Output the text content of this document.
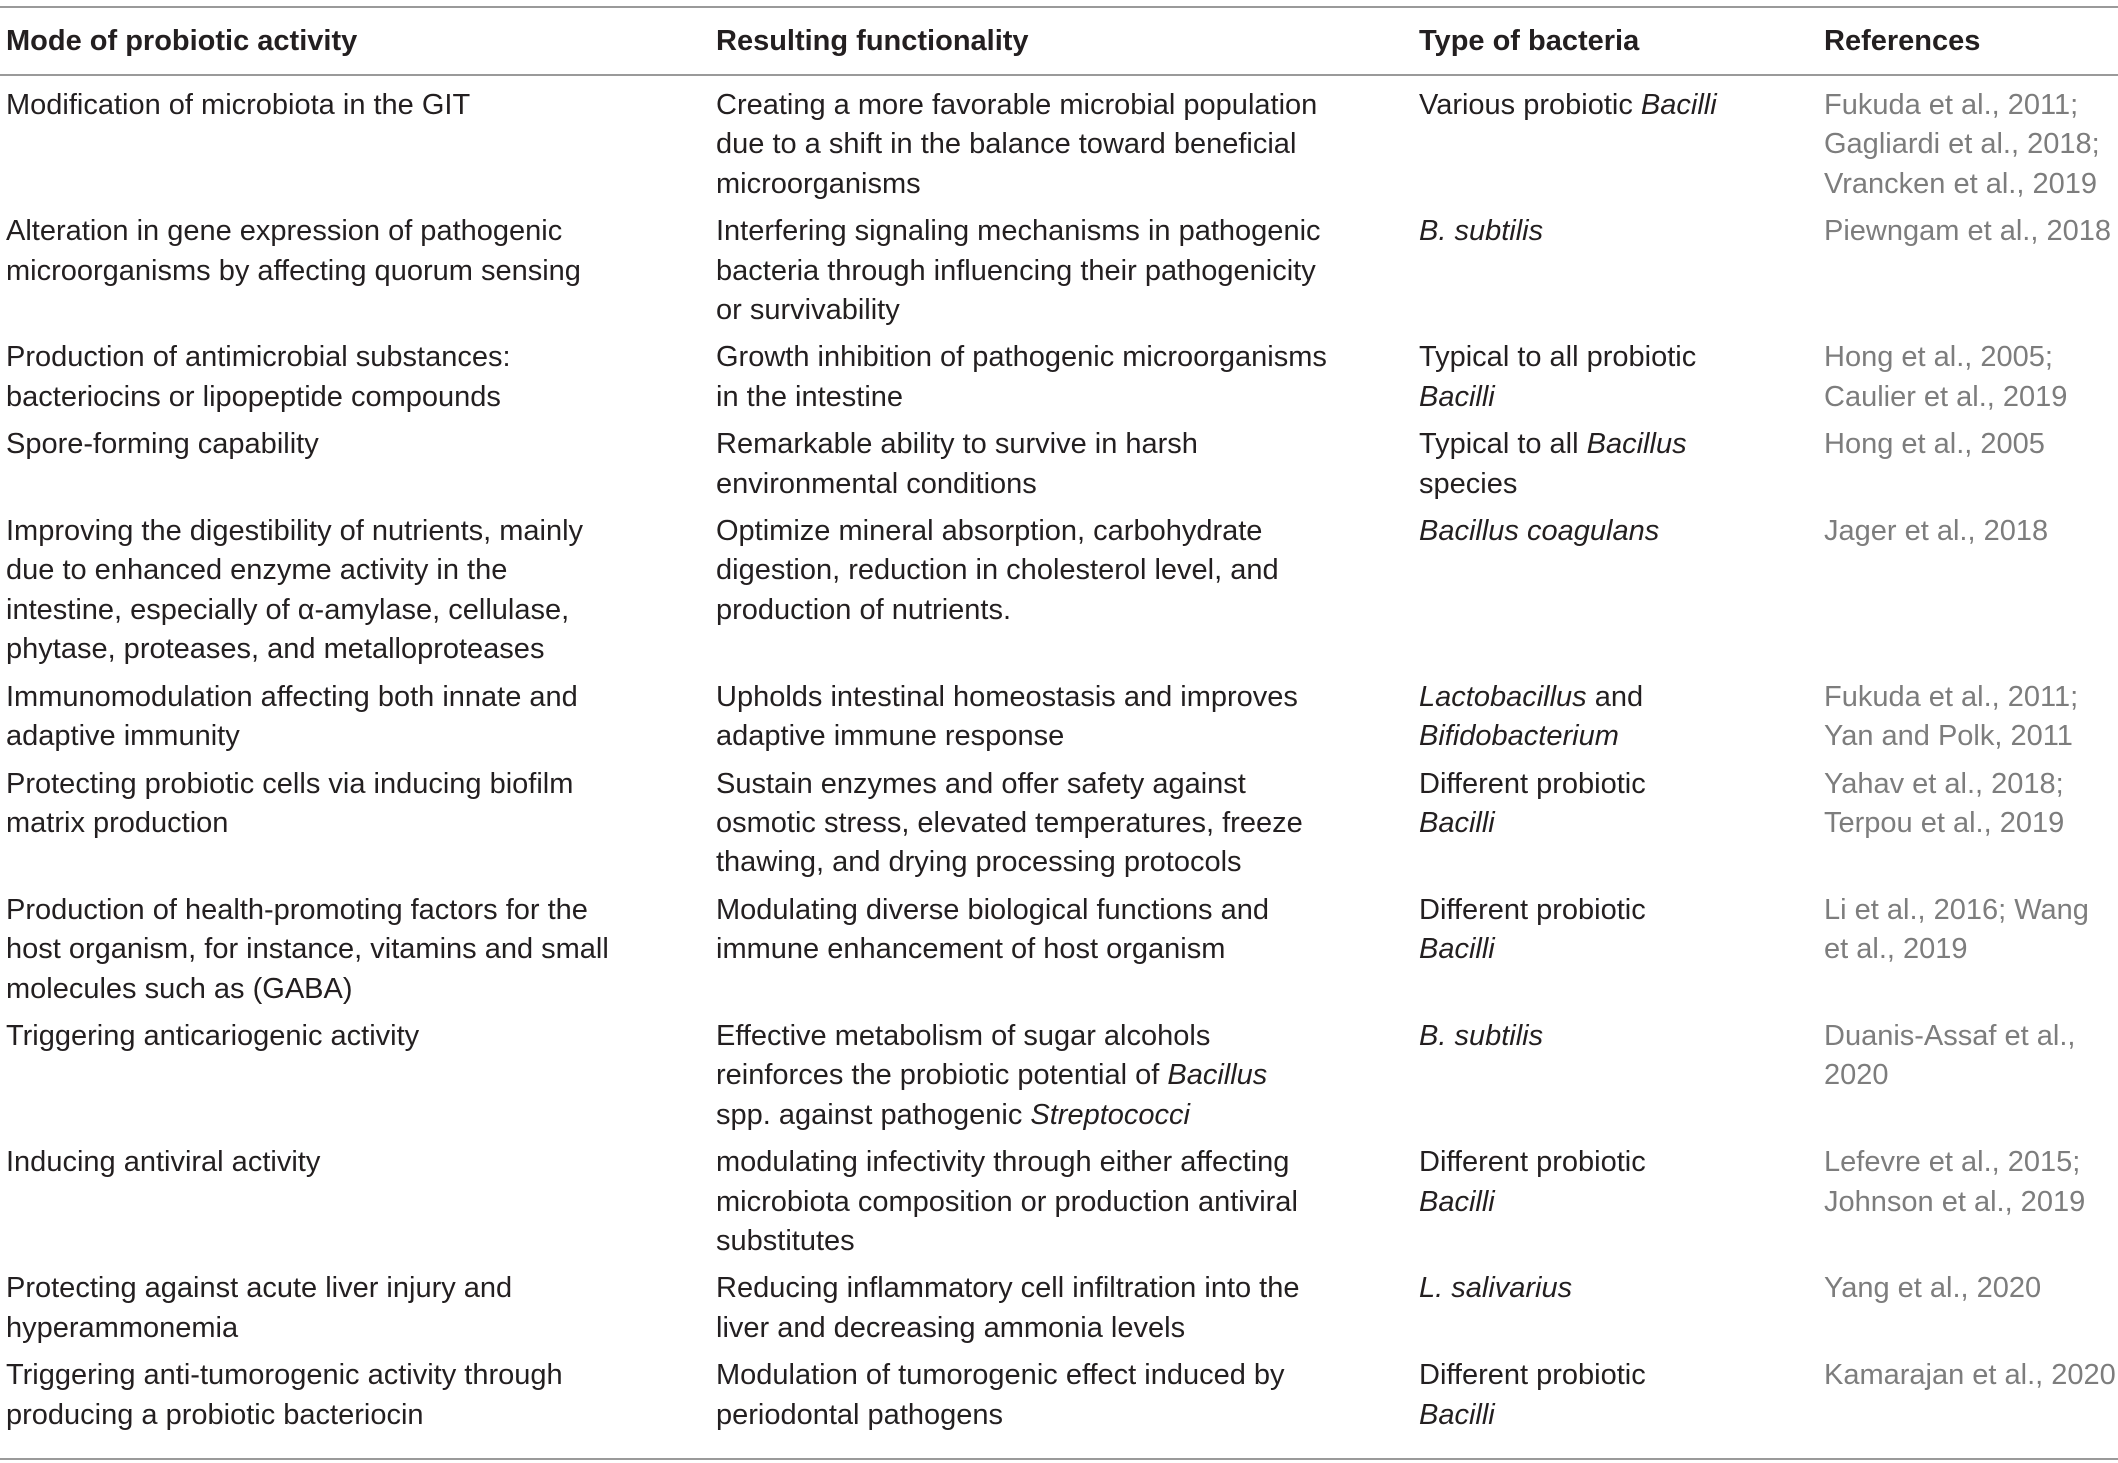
Mode of probiotic activity	Resulting functionality	Type of bacteria	References

Modification of microbiota in the GIT	Creating a more favorable microbial population
due to a shift in the balance toward beneficial
microorganisms	Various probiotic Bacilli	Fukuda et al., 2011;
Gagliardi et al., 2018;
Vrancken et al., 2019

Alteration in gene expression of pathogenic
microorganisms by affecting quorum sensing	Interfering signaling mechanisms in pathogenic
bacteria through influencing their pathogenicity
or survivability	B. subtilis	Piewngam et al., 2018

Production of antimicrobial substances:
bacteriocins or lipopeptide compounds	Growth inhibition of pathogenic microorganisms
in the intestine	Typical to all probiotic
Bacilli	Hong et al., 2005;
Caulier et al., 2019

Spore-forming capability	Remarkable ability to survive in harsh
environmental conditions	Typical to all Bacillus
species	Hong et al., 2005

Improving the digestibility of nutrients, mainly
due to enhanced enzyme activity in the
intestine, especially of α-amylase, cellulase,
phytase, proteases, and metalloproteases	Optimize mineral absorption, carbohydrate
digestion, reduction in cholesterol level, and
production of nutrients.	Bacillus coagulans	Jager et al., 2018

Immunomodulation affecting both innate and
adaptive immunity	Upholds intestinal homeostasis and improves
adaptive immune response	Lactobacillus and
Bifidobacterium	Fukuda et al., 2011;
Yan and Polk, 2011

Protecting probiotic cells via inducing biofilm
matrix production	Sustain enzymes and offer safety against
osmotic stress, elevated temperatures, freeze
thawing, and drying processing protocols	Different probiotic
Bacilli	Yahav et al., 2018;
Terpou et al., 2019

Production of health-promoting factors for the
host organism, for instance, vitamins and small
molecules such as (GABA)	Modulating diverse biological functions and
immune enhancement of host organism	Different probiotic
Bacilli	Li et al., 2016; Wang
et al., 2019

Triggering anticariogenic activity	Effective metabolism of sugar alcohols
reinforces the probiotic potential of Bacillus
spp. against pathogenic Streptococci	B. subtilis	Duanis-Assaf et al.,
2020

Inducing antiviral activity	modulating infectivity through either affecting
microbiota composition or production antiviral
substitutes	Different probiotic
Bacilli	Lefevre et al., 2015;
Johnson et al., 2019

Protecting against acute liver injury and
hyperammonemia	Reducing inflammatory cell infiltration into the
liver and decreasing ammonia levels	L. salivarius	Yang et al., 2020

Triggering anti-tumorogenic activity through
producing a probiotic bacteriocin	Modulation of tumorogenic effect induced by
periodontal pathogens	Different probiotic
Bacilli	Kamarajan et al., 2020
